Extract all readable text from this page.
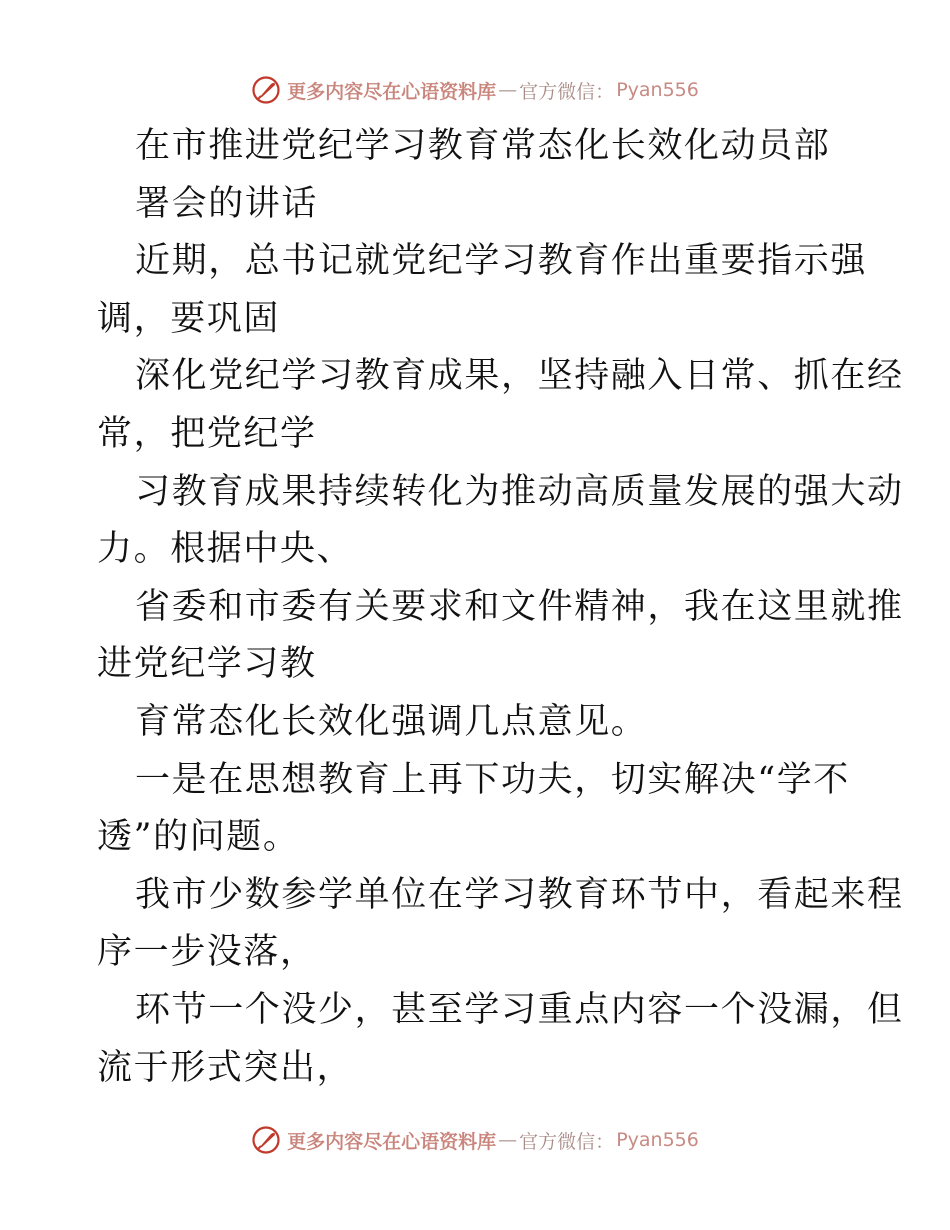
更多内容尽在心语资料库 — 官方微信： Pyan556
在市推进党纪学习教育常态化长效化动员部
署会的讲话
近期，总书记就党纪学习教育作出重要指示强
调，要巩固
深化党纪学习教育成果，坚持融入日常、抓在经
常，把党纪学
习教育成果持续转化为推动高质量发展的强大动
力。根据中央、
省委和市委有关要求和文件精神，我在这里就推
进党纪学习教
育常态化长效化强调几点意见。
一是在思想教育上再下功夫，切实解决“学不
透”的问题。
我市少数参学单位在学习教育环节中，看起来程
序一步没落，
环节一个没少，甚至学习重点内容一个没漏，但
流于形式突出，
更多内容尽在心语资料库 — 官方微信： Pyan556
